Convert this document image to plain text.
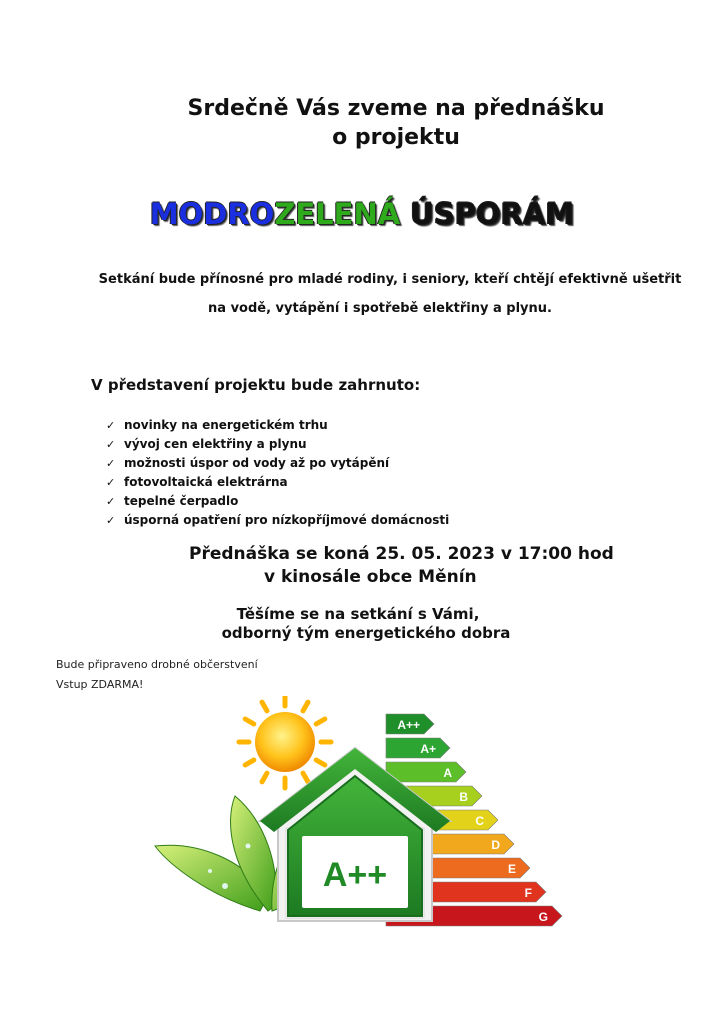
Srdečně Vás zveme na přednášku
o projektu
MODROZELENÁ ÚSPORÁM
Setkání bude přínosné pro mladé rodiny, i seniory, kteří chtějí efektivně ušetřit
na vodě, vytápění i spotřebě elektřiny a plynu.
V představení projektu bude zahrnuto:
✓ novinky na energetickém trhu
✓ vývoj cen elektřiny a plynu
✓ možnosti úspor od vody až po vytápění
✓ fotovoltaická elektrárna
✓ tepelné čerpadlo
✓ úsporná opatření pro nízkopříjmové domácnosti
Přednáška se koná 25. 05. 2023 v 17:00 hod
v kinosále obce Měnín
Těšíme se na setkání s Vámi,
odborný tým energetického dobra
Bude připraveno drobné občerstvení
Vstup ZDARMA!
A++
A+
A
B
C
D
E
F
G
A++
